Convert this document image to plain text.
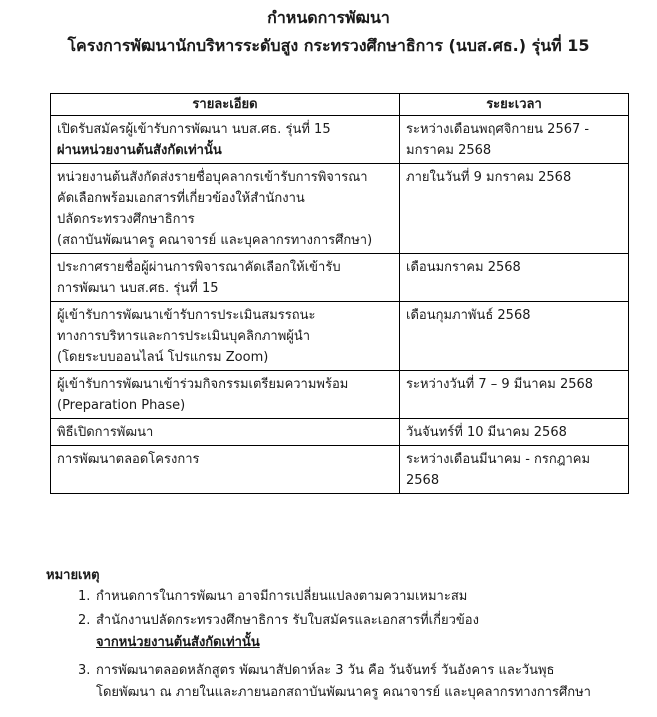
กำหนดการพัฒนา
โครงการพัฒนานักบริหารระดับสูง กระทรวงศึกษาธิการ (นบส.ศธ.) รุ่นที่ 15
รายละเอียด	ระยะเวลา

เปิดรับสมัครผู้เข้ารับการพัฒนา นบส.ศธ. รุ่นที่ 15
ผ่านหน่วยงานต้นสังกัดเท่านั้น	ระหว่างเดือนพฤศจิกายน 2567 -
มกราคม 2568

หน่วยงานต้นสังกัดส่งรายชื่อบุคลากรเข้ารับการพิจารณา
คัดเลือกพร้อมเอกสารที่เกี่ยวข้องให้สำนักงาน
ปลัดกระทรวงศึกษาธิการ
(สถาบันพัฒนาครู คณาจารย์ และบุคลากรทางการศึกษา)	ภายในวันที่ 9 มกราคม 2568

ประกาศรายชื่อผู้ผ่านการพิจารณาคัดเลือกให้เข้ารับ
การพัฒนา นบส.ศธ. รุ่นที่ 15	เดือนมกราคม 2568

ผู้เข้ารับการพัฒนาเข้ารับการประเมินสมรรถนะ
ทางการบริหารและการประเมินบุคลิกภาพผู้นำ
(โดยระบบออนไลน์ โปรแกรม Zoom)	เดือนกุมภาพันธ์ 2568

ผู้เข้ารับการพัฒนาเข้าร่วมกิจกรรมเตรียมความพร้อม
(Preparation Phase)	ระหว่างวันที่ 7 – 9 มีนาคม 2568

พิธีเปิดการพัฒนา	วันจันทร์ที่ 10 มีนาคม 2568

การพัฒนาตลอดโครงการ	ระหว่างเดือนมีนาคม - กรกฎาคม
2568
หมายเหตุ
1. กำหนดการในการพัฒนา อาจมีการเปลี่ยนแปลงตามความเหมาะสม
2. สำนักงานปลัดกระทรวงศึกษาธิการ รับใบสมัครและเอกสารที่เกี่ยวข้อง
จากหน่วยงานต้นสังกัดเท่านั้น
3. การพัฒนาตลอดหลักสูตร พัฒนาสัปดาห์ละ 3 วัน คือ วันจันทร์ วันอังคาร และวันพุธ
โดยพัฒนา ณ ภายในและภายนอกสถาบันพัฒนาครู คณาจารย์ และบุคลากรทางการศึกษา
